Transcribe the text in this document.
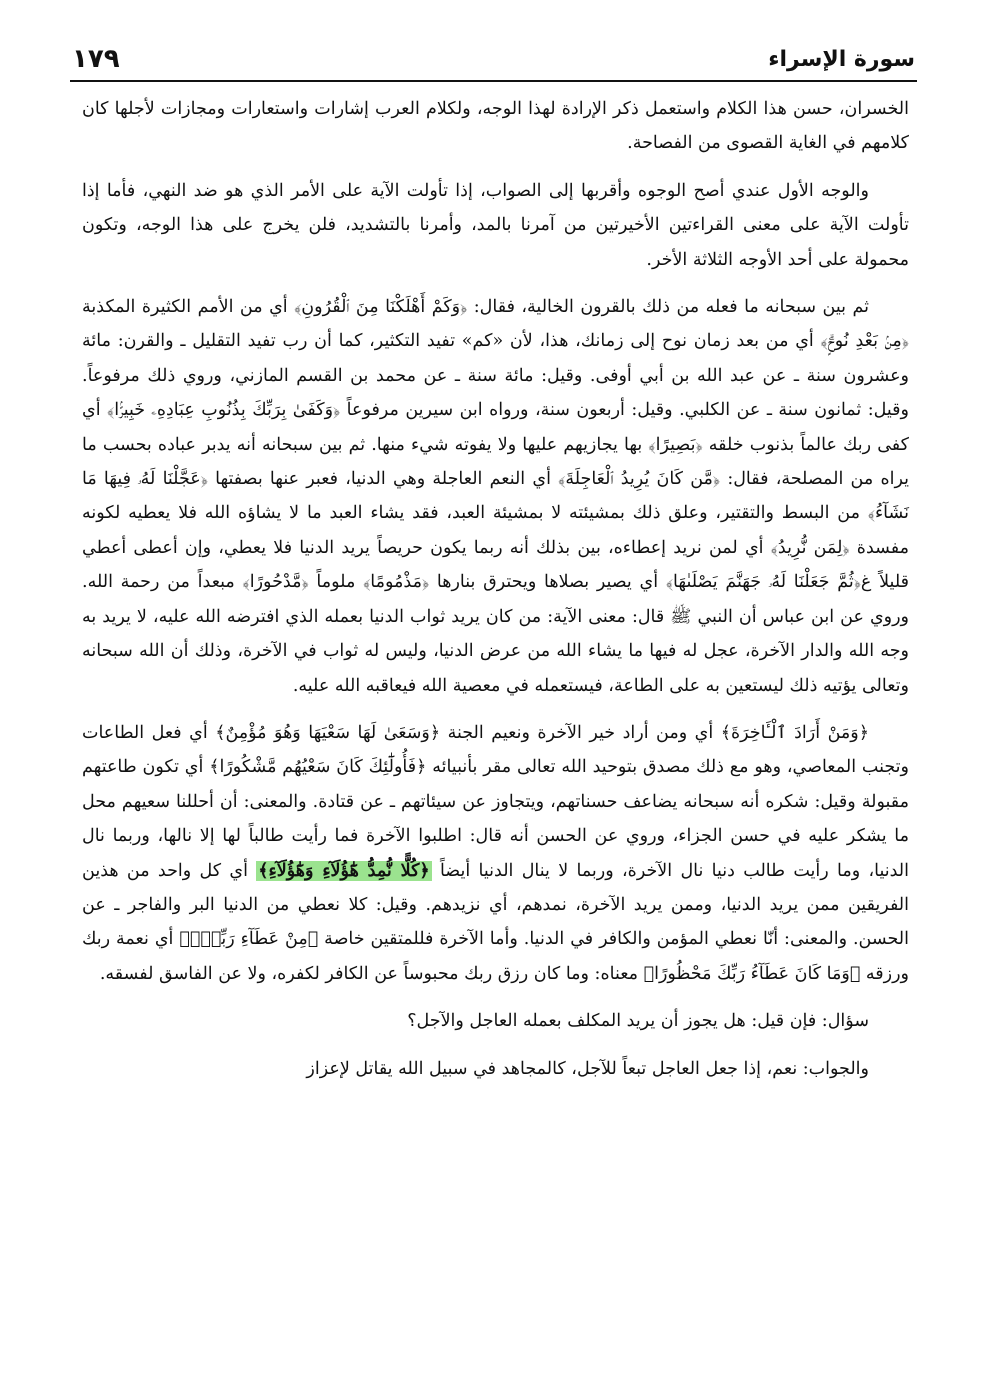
سورة الإسراء
١٧٩

الخسران، حسن هذا الكلام واستعمل ذكر الإرادة لهذا الوجه، ولكلام العرب إشارات واستعارات ومجازات لأجلها كان كلامهم في الغاية القصوى من الفصاحة.

والوجه الأول عندي أصح الوجوه وأقربها إلى الصواب، إذا تأولت الآية على الأمر الذي هو ضد النهي، فأما إذا تأولت الآية على معنى القراءتين الأخيرتين من آمرنا بالمد، وأمرنا بالتشديد، فلن يخرج على هذا الوجه، وتكون محمولة على أحد الأوجه الثلاثة الأخر.

ثم بين سبحانه ما فعله من ذلك بالقرون الخالية، فقال: ﴿وَكَمْ أَهْلَكْنَا مِنَ ٱلْقُرُونِ﴾ أي من الأمم الكثيرة المكذبة ﴿مِنۢ بَعْدِ نُوحٍۗ﴾ أي من بعد زمان نوح إلى زمانك، هذا، لأن «كم» تفيد التكثير، كما أن رب تفيد التقليل ـ والقرن: مائة وعشرون سنة ـ عن عبد الله بن أبي أوفى. وقيل: مائة سنة ـ عن محمد بن القسم المازني، وروي ذلك مرفوعاً. وقيل: ثمانون سنة ـ عن الكلبي. وقيل: أربعون سنة، ورواه ابن سيرين مرفوعاً ﴿وَكَفَىٰ بِرَبِّكَ بِذُنُوبِ عِبَادِهِۦ خَبِيرًۢا﴾ أي كفى ربك عالماً بذنوب خلقه ﴿بَصِيرًا﴾ بها يجازيهم عليها ولا يفوته شيء منها. ثم بين سبحانه أنه يدبر عباده بحسب ما يراه من المصلحة، فقال: ﴿مَّن كَانَ يُرِيدُ ٱلْعَاجِلَةَ﴾ أي النعم العاجلة وهي الدنيا، فعبر عنها بصفتها ﴿عَجَّلْنَا لَهُۥ فِيهَا مَا نَشَآءُ﴾ من البسط والتقتير، وعلق ذلك بمشيئته لا بمشيئة العبد، فقد يشاء العبد ما لا يشاؤه الله فلا يعطيه لكونه مفسدة ﴿لِمَن نُّرِيدُ﴾ أي لمن نريد إعطاءه، بين بذلك أنه ربما يكون حريصاً يريد الدنيا فلا يعطي، وإن أعطى أعطي قليلاً غ﴿ثُمَّ جَعَلْنَا لَهُۥ جَهَنَّمَ يَصْلَىٰهَا﴾ أي يصير بصلاها ويحترق بنارها ﴿مَذْمُومًا﴾ ملوماً ﴿مَّدْحُورًا﴾ مبعداً من رحمة الله. وروي عن ابن عباس أن النبي ﷺ قال: معنى الآية: من كان يريد ثواب الدنيا بعمله الذي افترضه الله عليه، لا يريد به وجه الله والدار الآخرة، عجل له فيها ما يشاء الله من عرض الدنيا، وليس له ثواب في الآخرة، وذلك أن الله سبحانه وتعالى يؤتيه ذلك ليستعين به على الطاعة، فيستعمله في معصية الله فيعاقبه الله عليه.

﴿وَمَنْ أَرَادَ ٱلْـَٔاخِرَةَ﴾ أي ومن أراد خير الآخرة ونعيم الجنة ﴿وَسَعَىٰ لَهَا سَعْيَهَا وَهُوَ مُؤْمِنٌ﴾ أي فعل الطاعات وتجنب المعاصي، وهو مع ذلك مصدق بتوحيد الله تعالى مقر بأنبيائه ﴿فَأُولَٰٓئِكَ كَانَ سَعْيُهُم مَّشْكُورًا﴾ أي تكون طاعتهم مقبولة وقيل: شكره أنه سبحانه يضاعف حسناتهم، ويتجاوز عن سيئاتهم ـ عن قتادة. والمعنى: أن أحللنا سعيهم محل ما يشكر عليه في حسن الجزاء، وروي عن الحسن أنه قال: اطلبوا الآخرة فما رأيت طالباً لها إلا نالها، وربما نال الدنيا، وما رأيت طالب دنيا نال الآخرة، وربما لا ينال الدنيا أيضاً ﴿كُلًّا نُّمِدُّ هَٰٓؤُلَآءِ وَهَٰٓؤُلَآءِ﴾ أي كل واحد من هذين الفريقين ممن يريد الدنيا، وممن يريد الآخرة، نمدهم، أي نزيدهم. وقيل: كلا نعطي من الدنيا البر والفاجر ـ عن الحسن. والمعنى: أنّا نعطي المؤمن والكافر في الدنيا. وأما الآخرة فللمتقين خاصة ﴿مِنْ عَطَآءِ رَبِّكَۚ﴾ أي نعمة ربك ورزقه ﴿وَمَا كَانَ عَطَآءُ رَبِّكَ مَحْظُورًا﴾ معناه: وما كان رزق ربك محبوساً عن الكافر لكفره، ولا عن الفاسق لفسقه.

سؤال: فإن قيل: هل يجوز أن يريد المكلف بعمله العاجل والآجل؟

والجواب: نعم، إذا جعل العاجل تبعاً للآجل، كالمجاهد في سبيل الله يقاتل لإعزاز
